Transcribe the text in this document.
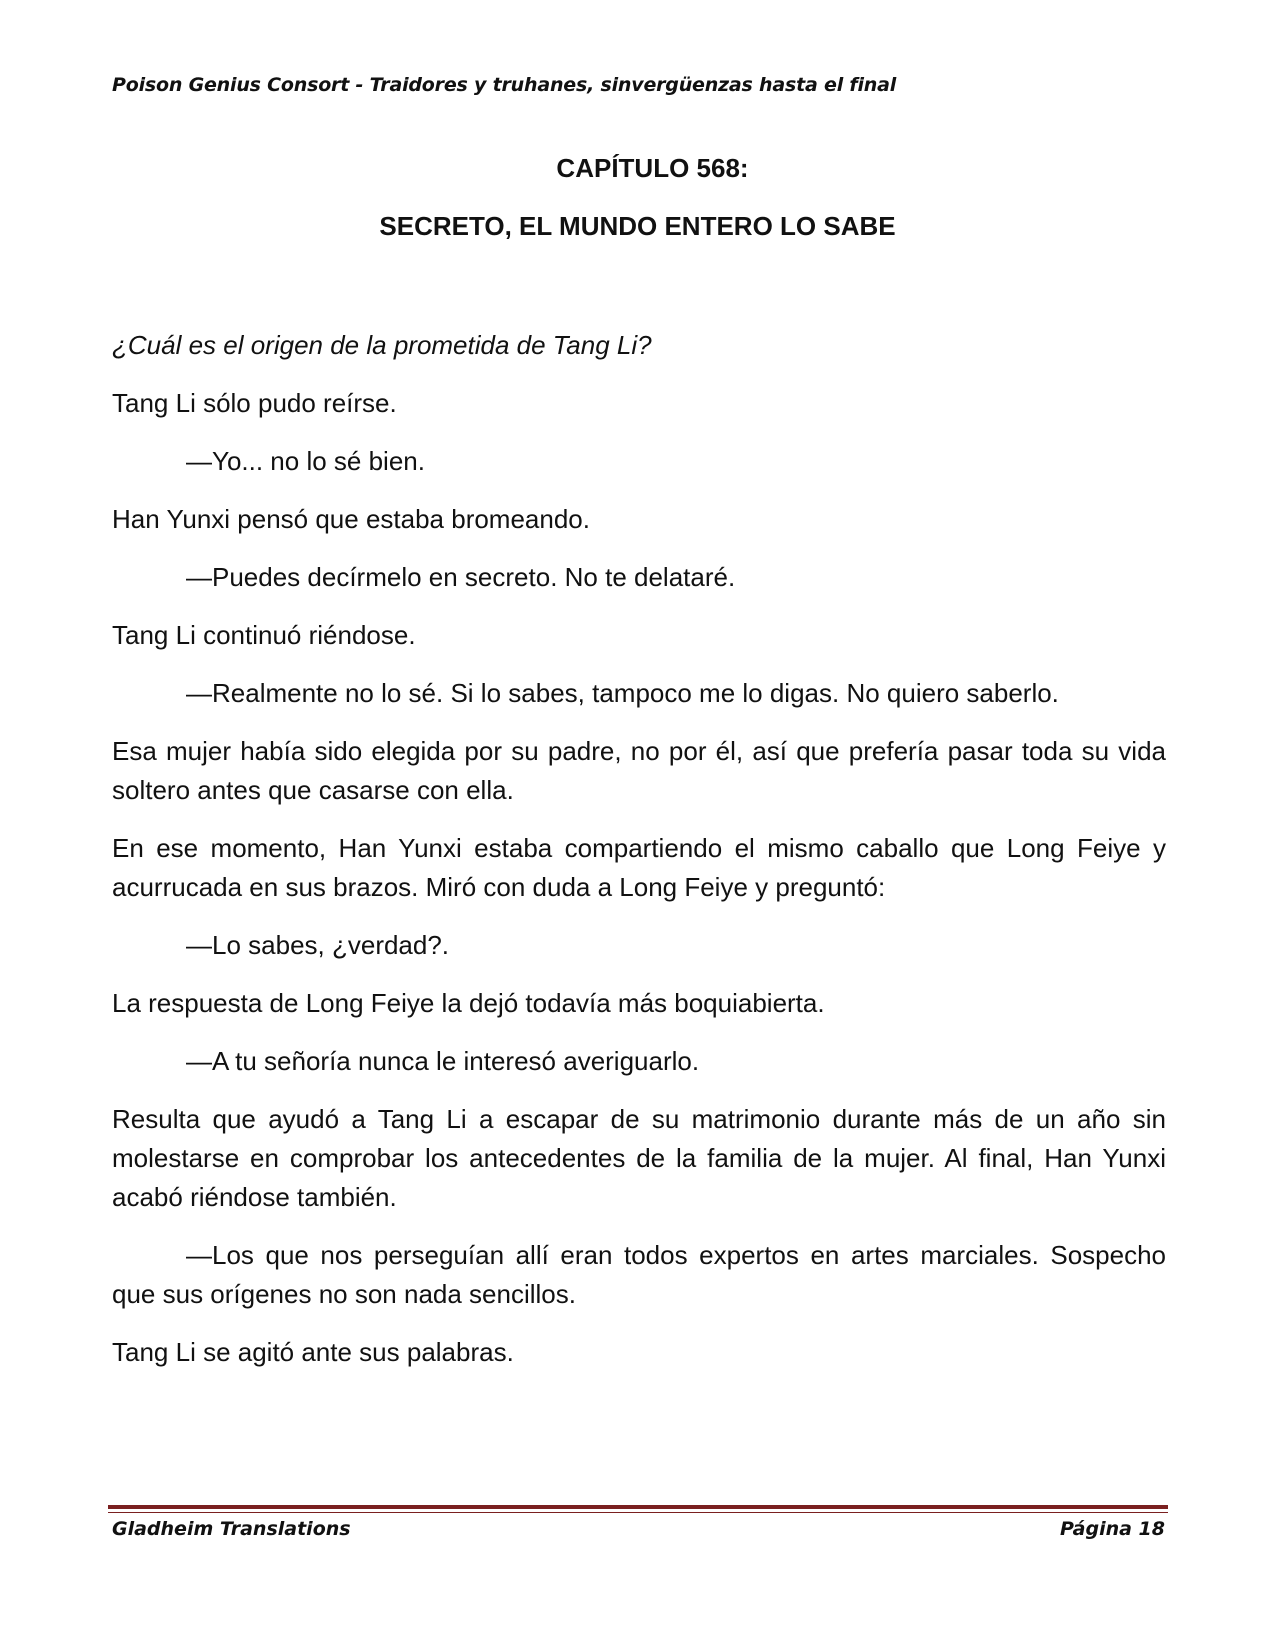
Poison Genius Consort - Traidores y truhanes, sinvergüenzas hasta el final
CAPÍTULO 568:
SECRETO, EL MUNDO ENTERO LO SABE

¿Cuál es el origen de la prometida de Tang Li?

Tang Li sólo pudo reírse.

—Yo... no lo sé bien.

Han Yunxi pensó que estaba bromeando.

—Puedes decírmelo en secreto. No te delataré.

Tang Li continuó riéndose.

—Realmente no lo sé. Si lo sabes, tampoco me lo digas. No quiero saberlo.

Esa mujer había sido elegida por su padre, no por él, así que prefería pasar toda su vida soltero antes que casarse con ella.

En ese momento, Han Yunxi estaba compartiendo el mismo caballo que Long Feiye y acurrucada en sus brazos. Miró con duda a Long Feiye y preguntó:

—Lo sabes, ¿verdad?.

La respuesta de Long Feiye la dejó todavía más boquiabierta.

—A tu señoría nunca le interesó averiguarlo.

Resulta que ayudó a Tang Li a escapar de su matrimonio durante más de un año sin molestarse en comprobar los antecedentes de la familia de la mujer. Al final, Han Yunxi acabó riéndose también.

—Los que nos perseguían allí eran todos expertos en artes marciales. Sospecho que sus orígenes no son nada sencillos.

Tang Li se agitó ante sus palabras.

Gladheim Translations	Página 18
